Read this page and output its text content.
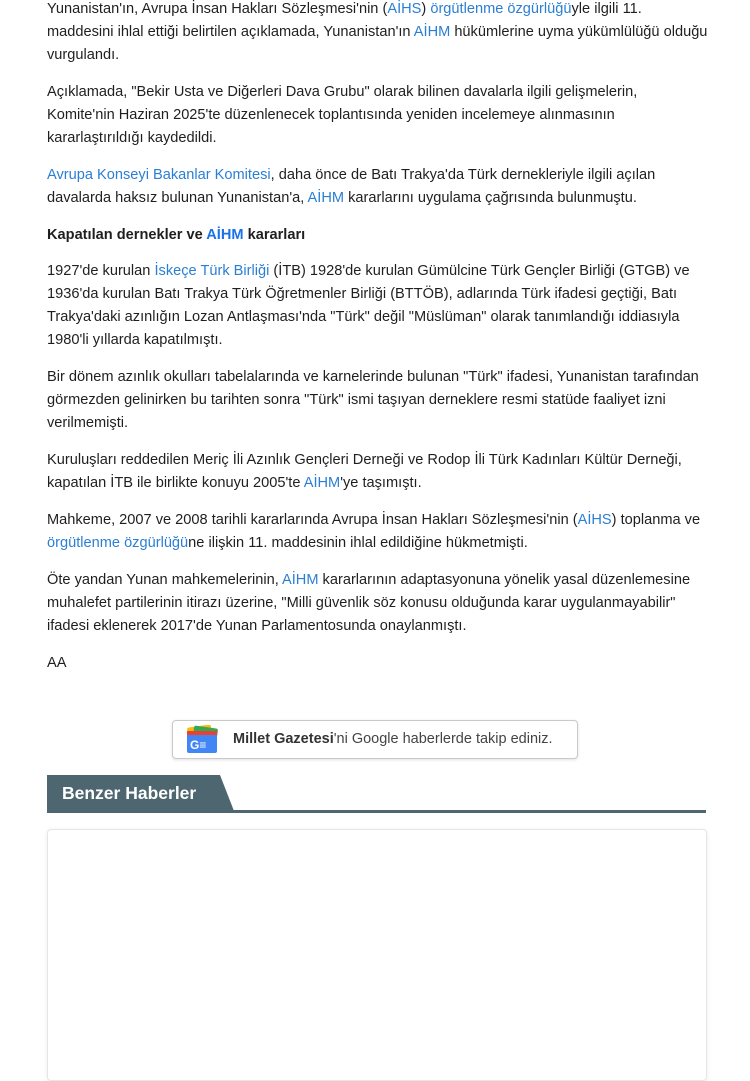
Yunanistan'ın, Avrupa İnsan Hakları Sözleşmesi'nin (AİHS) örgütlenme özgürlüğüyle ilgili 11. maddesini ihlal ettiği belirtilen açıklamada, Yunanistan'ın AİHM hükümlerine uyma yükümlülüğü olduğu vurgulandı.

Açıklamada, "Bekir Usta ve Diğerleri Dava Grubu" olarak bilinen davalarla ilgili gelişmelerin, Komite'nin Haziran 2025'te düzenlenecek toplantısında yeniden incelemeye alınmasının kararlaştırıldığı kaydedildi.

Avrupa Konseyi Bakanlar Komitesi, daha önce de Batı Trakya'da Türk dernekleriyle ilgili açılan davalarda haksız bulunan Yunanistan'a, AİHM kararlarını uygulama çağrısında bulunmuştu.

Kapatılan dernekler ve AİHM kararları

1927'de kurulan İskeçe Türk Birliği (İTB) 1928'de kurulan Gümülcine Türk Gençler Birliği (GTGB) ve 1936'da kurulan Batı Trakya Türk Öğretmenler Birliği (BTTÖB), adlarında Türk ifadesi geçtiği, Batı Trakya'daki azınlığın Lozan Antlaşması'nda "Türk" değil "Müslüman" olarak tanımlandığı iddiasıyla 1980'li yıllarda kapatılmıştı.

Bir dönem azınlık okulları tabelalarında ve karnelerinde bulunan "Türk" ifadesi, Yunanistan tarafından görmezden gelinirken bu tarihten sonra "Türk" ismi taşıyan derneklere resmi statüde faaliyet izni verilmemişti.

Kuruluşları reddedilen Meriç İli Azınlık Gençleri Derneği ve Rodop İli Türk Kadınları Kültür Derneği, kapatılan İTB ile birlikte konuyu 2005'te AİHM'ye taşımıştı.

Mahkeme, 2007 ve 2008 tarihli kararlarında Avrupa İnsan Hakları Sözleşmesi'nin (AİHS) toplanma ve örgütlenme özgürlüğüne ilişkin 11. maddesinin ihlal edildiğine hükmetmişti.

Öte yandan Yunan mahkemelerinin, AİHM kararlarının adaptasyonuna yönelik yasal düzenlemesine muhalefet partilerinin itirazı üzerine, "Milli güvenlik söz konusu olduğunda karar uygulanmayabilir" ifadesi eklenerek 2017'de Yunan Parlamentosunda onaylanmıştı.

AA

G≡ Millet Gazetesi'ni Google haberlerde takip ediniz.
Benzer Haberler
